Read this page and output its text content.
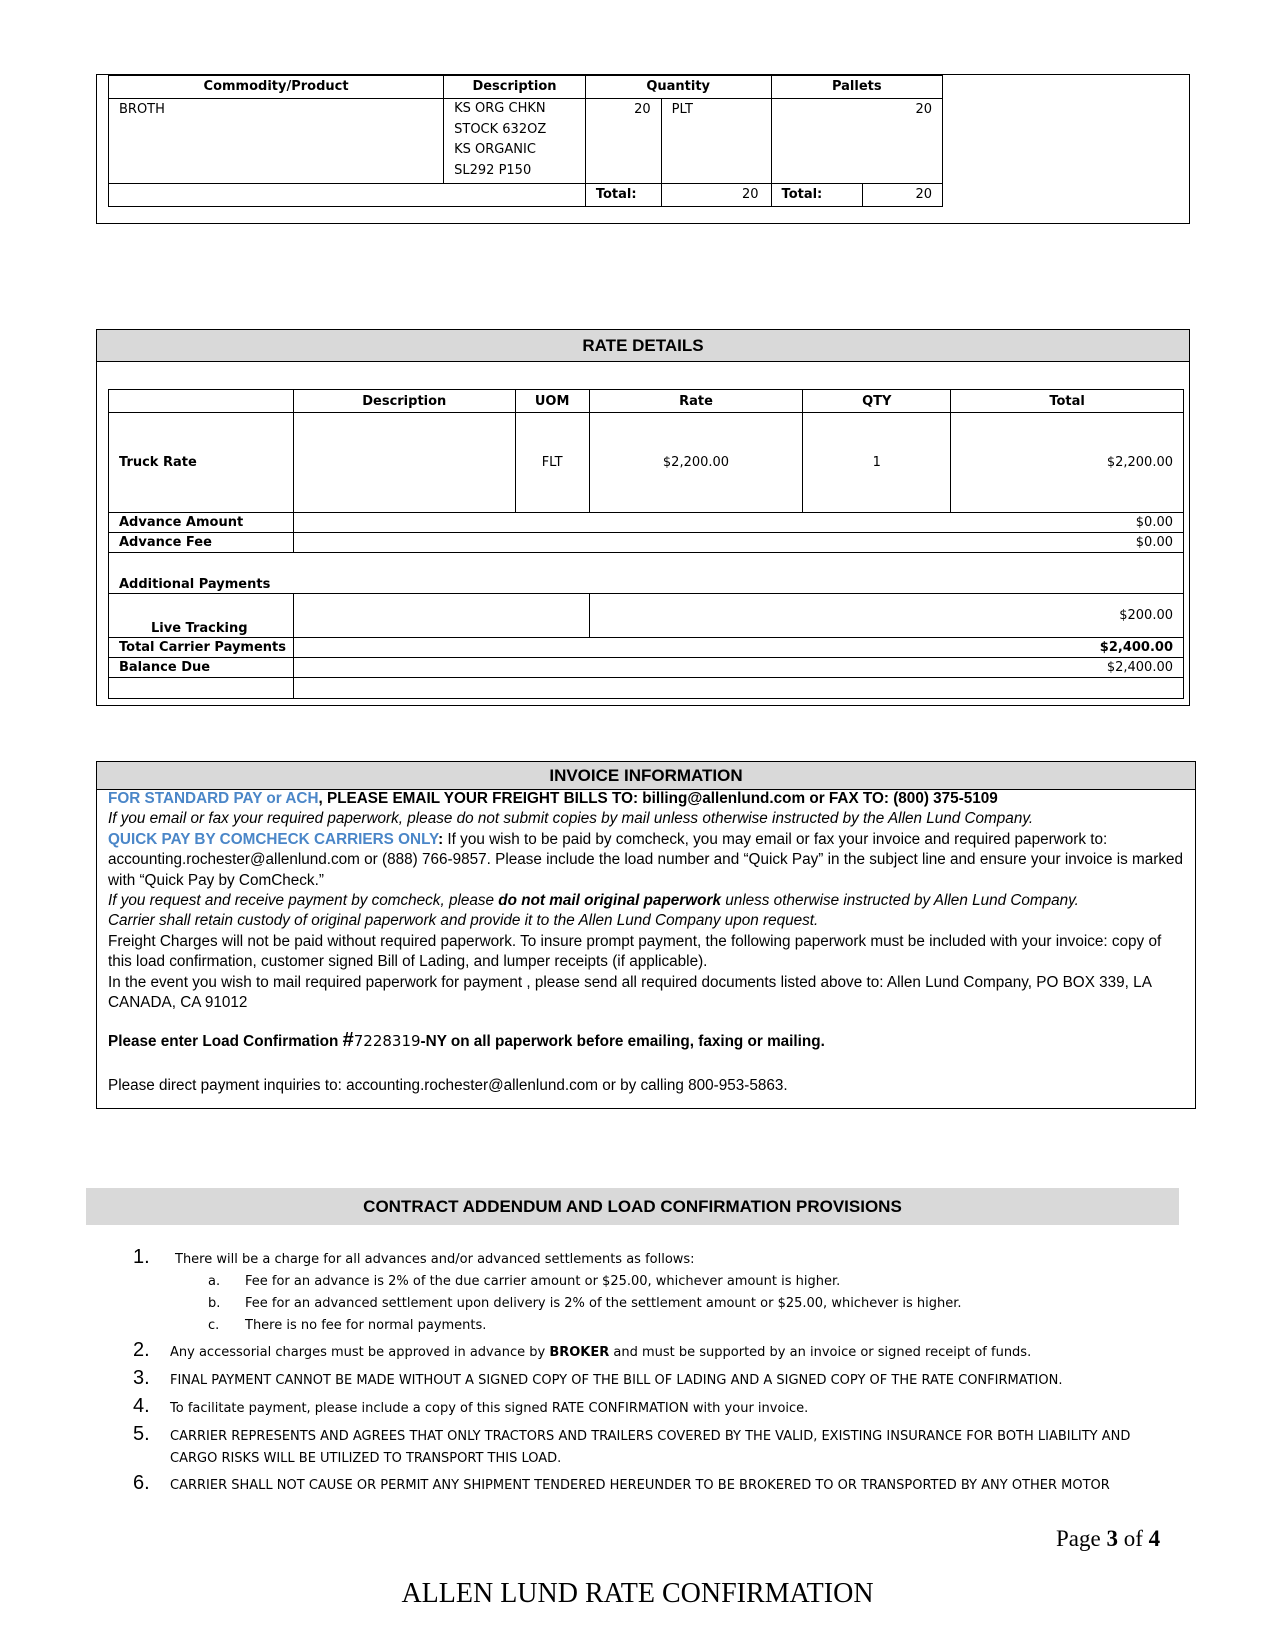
Commodity/Product	Description	Quantity		Pallets	
BROTH	KS ORG CHKN
STOCK 632OZ
KS ORGANIC
SL292 P150	20	PLT	20	
		Total:	20	Total:	20
RATE DETAILS
	Description	UOM	Rate	QTY	Total
Truck Rate		FLT	$2,200.00	1	$2,200.00
Advance Amount	$0.00				
Advance Fee	$0.00				
Additional Payments					
Live Tracking			$200.00		
Total Carrier Payments	$2,400.00				
Balance Due	$2,400.00				

INVOICE INFORMATION

FOR STANDARD PAY or ACH, PLEASE EMAIL YOUR FREIGHT BILLS TO: billing@allenlund.com or FAX TO: (800) 375-5109

If you email or fax your required paperwork, please do not submit copies by mail unless otherwise instructed by the Allen Lund Company.

QUICK PAY BY COMCHECK CARRIERS ONLY: If you wish to be paid by comcheck, you may email or fax your invoice and required paperwork to: accounting.rochester@allenlund.com or (888) 766-9857. Please include the load number and “Quick Pay” in the subject line and ensure your invoice is marked with “Quick Pay by ComCheck.”

If you request and receive payment by comcheck, please do not mail original paperwork unless otherwise instructed by Allen Lund Company.

Carrier shall retain custody of original paperwork and provide it to the Allen Lund Company upon request.

Freight Charges will not be paid without required paperwork. To insure prompt payment, the following paperwork must be included with your invoice: copy of this load confirmation, customer signed Bill of Lading, and lumper receipts (if applicable).

In the event you wish to mail required paperwork for payment , please send all required documents listed above to: Allen Lund Company, PO BOX 339, LA CANADA, CA 91012

Please enter Load Confirmation #7228319-NY on all paperwork before emailing, faxing or mailing.

Please direct payment inquiries to: accounting.rochester@allenlund.com or by calling 800-953-5863.

CONTRACT ADDENDUM AND LOAD CONFIRMATION PROVISIONS
1. There will be a charge for all advances and/or advanced settlements as follows:
a. Fee for an advance is 2% of the due carrier amount or $25.00, whichever amount is higher.
b. Fee for an advanced settlement upon delivery is 2% of the settlement amount or $25.00, whichever is higher.
c. There is no fee for normal payments.
2. Any accessorial charges must be approved in advance by BROKER and must be supported by an invoice or signed receipt of funds.
3. FINAL PAYMENT CANNOT BE MADE WITHOUT A SIGNED COPY OF THE BILL OF LADING AND A SIGNED COPY OF THE RATE CONFIRMATION.
4. To facilitate payment, please include a copy of this signed RATE CONFIRMATION with your invoice.
5. CARRIER REPRESENTS AND AGREES THAT ONLY TRACTORS AND TRAILERS COVERED BY THE VALID, EXISTING INSURANCE FOR BOTH LIABILITY AND
CARGO RISKS WILL BE UTILIZED TO TRANSPORT THIS LOAD.
6. CARRIER SHALL NOT CAUSE OR PERMIT ANY SHIPMENT TENDERED HEREUNDER TO BE BROKERED TO OR TRANSPORTED BY ANY OTHER MOTOR
Page 3 of 4
ALLEN LUND RATE CONFIRMATION
